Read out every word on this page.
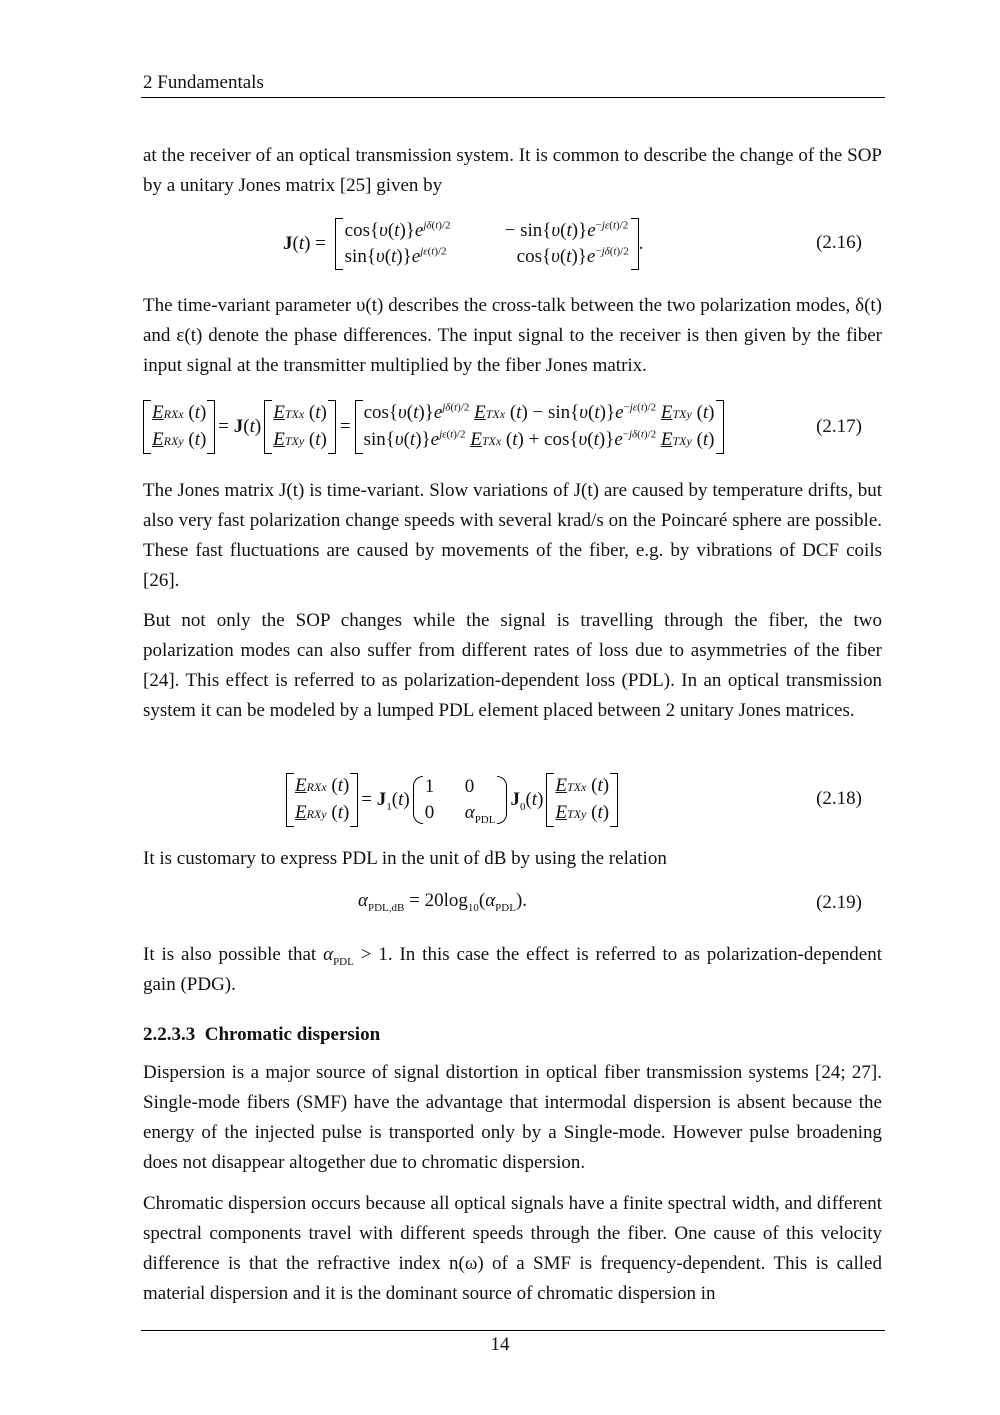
2 Fundamentals

at the receiver of an optical transmission system. It is common to describe the change of the SOP by a unitary Jones matrix [25] given by

J(t) =
$\cos\{\upsilon(t)\}e^{j\delta(t)/2}$	− $\sin\{\upsilon(t)\}e^{-j\varepsilon(t)/2}$
$\sin\{\upsilon(t)\}e^{j\varepsilon(t)/2}$	$\cos\{\upsilon(t)\}e^{-j\delta(t)/2}$ .	(2.16)

The time-variant parameter υ(t) describes the cross-talk between the two polarization modes, δ(t) and ε(t) denote the phase differences. The input signal to the receiver is then given by the fiber input signal at the transmitter multiplied by the fiber Jones matrix.

ERXx (t)
ERXy (t)
= J(t)
ETXx (t)
ETXy (t)
=
$\cos\{\upsilon(t)\}e^{j\delta(t)/2}$ ETXx $(t) - \sin\{\upsilon(t)\}e^{-j\varepsilon(t)/2}$ ETXy (t)
$\sin\{\upsilon(t)\}e^{j\varepsilon(t)/2}$ ETXx $(t) + \cos\{\upsilon(t)\}e^{-j\delta(t)/2}$ ETXy (t)
(2.17)

The Jones matrix J(t) is time-variant. Slow variations of J(t) are caused by temperature drifts, but also very fast polarization change speeds with several krad/s on the Poincaré sphere are possible. These fast fluctuations are caused by movements of the fiber, e.g. by vibrations of DCF coils [26].

But not only the SOP changes while the signal is travelling through the fiber, the two polarization modes can also suffer from different rates of loss due to asymmetries of the fiber [24]. This effect is referred to as polarization-dependent loss (PDL). In an optical transmission system it can be modeled by a lumped PDL element placed between 2 unitary Jones matrices.

ERXx (t)
ERXy (t)
= $J_1(t)$
1 0
0 $\alpha_{PDL}$
$J_0(t)$
ETXx (t)
ETXy (t)
(2.18)

It is customary to express PDL in the unit of dB by using the relation

$\alpha_{PDL,dB} = 20\log_{10}(\alpha_{PDL})$.	(2.19)

It is also possible that $\alpha_{PDL} > 1$. In this case the effect is referred to as polarization-dependent gain (PDG).

2.2.3.3 Chromatic dispersion

Dispersion is a major source of signal distortion in optical fiber transmission systems [24; 27]. Single-mode fibers (SMF) have the advantage that intermodal dispersion is absent because the energy of the injected pulse is transported only by a Single-mode. However pulse broadening does not disappear altogether due to chromatic dispersion.

Chromatic dispersion occurs because all optical signals have a finite spectral width, and different spectral components travel with different speeds through the fiber. One cause of this velocity difference is that the refractive index n(ω) of a SMF is frequency-dependent. This is called material dispersion and it is the dominant source of chromatic dispersion in

14
